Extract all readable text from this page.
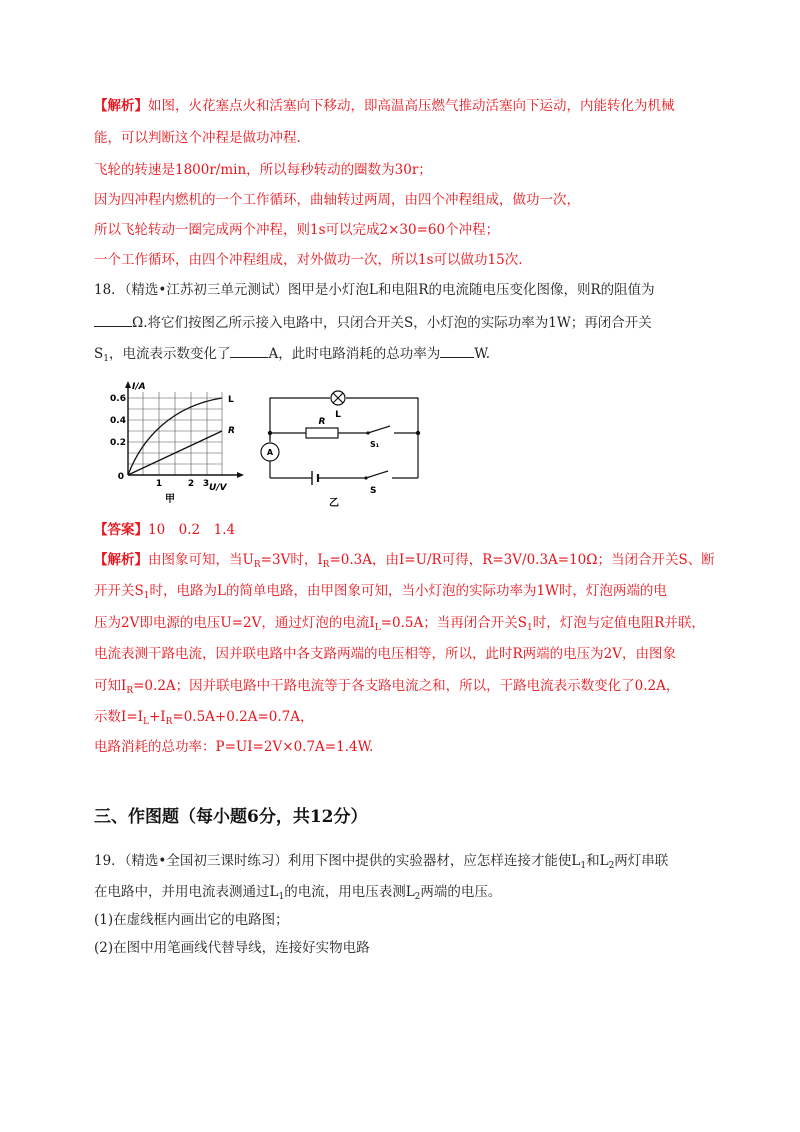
【解析】如图，火花塞点火和活塞向下移动，即高温高压燃气推动活塞向下运动，内能转化为机械
能，可以判断这个冲程是做功冲程.
飞轮的转速是1800r/min，所以每秒转动的圈数为30r；
因为四冲程内燃机的一个工作循环，曲轴转过两周，由四个冲程组成，做功一次，
所以飞轮转动一圈完成两个冲程，则1s可以完成2×30=60个冲程；
一个工作循环，由四个冲程组成，对外做功一次，所以1s可以做功15次.
18．（精选•江苏初三单元测试）图甲是小灯泡L和电阻R的电流随电压变化图像，则R的阻值为
Ω.将它们按图乙所示接入电路中，只闭合开关S，小灯泡的实际功率为1W；再闭合开关
$S_1$，电流表示数变化了	A，此时电路消耗的总功率为	W.
I/A
U/V
0.6
0.4
0.2
0
1	2 3
L
R
甲
L
R
S₁
S
A
乙
【答案】10　0.2　1.4
【解析】由图象可知，当$U_R=3V$时，$I_R=0.3A$，由I=U/R可得，R=3V/0.3A=10Ω；当闭合开关S、断
开开关$S_1$时，电路为L的简单电路，由甲图象可知，当小灯泡的实际功率为1W时，灯泡两端的电
压为2V即电源的电压U=2V，通过灯泡的电流$I_L=0.5A$；当再闭合开关$S_1$时，灯泡与定值电阻R并联，
电流表测干路电流，因并联电路中各支路两端的电压相等，所以，此时R两端的电压为2V，由图象
可知$I_R=0.2A$；因并联电路中干路电流等于各支路电流之和，所以，干路电流表示数变化了0.2A，
示数$I=I_L+I_R=0.5A+0.2A=0.7A$，
电路消耗的总功率：P=UI=2V×0.7A=1.4W.
三、作图题（每小题6分，共12分）
19．（精选•全国初三课时练习）利用下图中提供的实验器材，应怎样连接才能使$L_1$和$L_2$两灯串联
在电路中，并用电流表测通过$L_1$的电流，用电压表测$L_2$两端的电压。
(1)在虚线框内画出它的电路图；
(2)在图中用笔画线代替导线，连接好实物电路
